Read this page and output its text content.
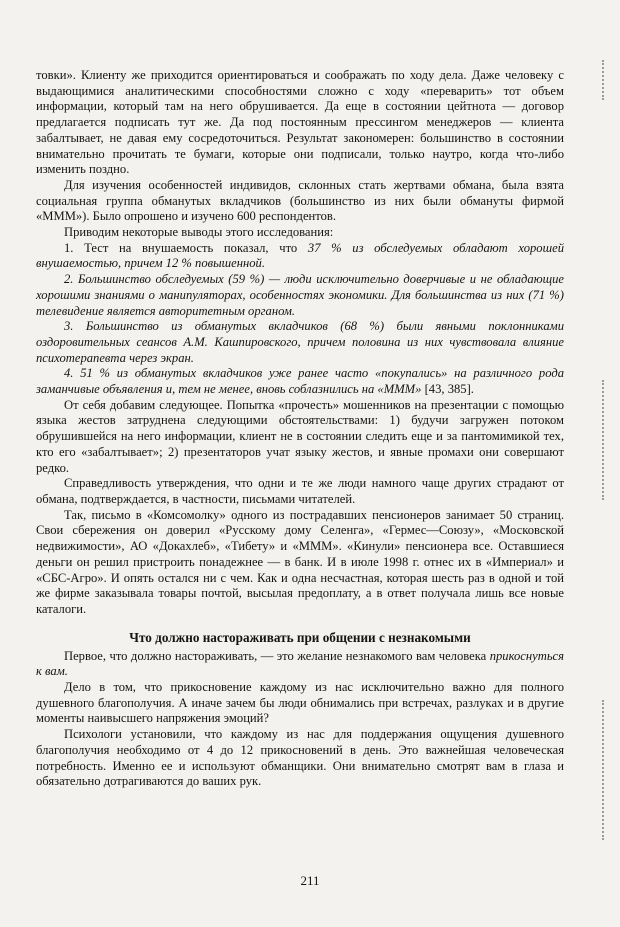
товки». Клиенту же приходится ориентироваться и соображать по ходу дела. Даже человеку с выдающимися аналитическими способностями сложно с ходу «переварить» тот объем информации, который там на него обрушивается. Да еще в состоянии цейтнота — договор предлагается подписать тут же. Да под постоянным прессингом менеджеров — клиента забалтывает, не давая ему сосредоточиться. Результат закономерен: большинство в состоянии внимательно прочитать те бумаги, которые они подписали, только наутро, когда что-либо изменить поздно.

Для изучения особенностей индивидов, склонных стать жертвами обмана, была взята социальная группа обманутых вкладчиков (большинство из них были обмануты фирмой «МММ»). Было опрошено и изучено 600 респондентов.

Приводим некоторые выводы этого исследования:

1. Тест на внушаемость показал, что 37 % из обследуемых обладают хорошей внушаемостью, причем 12 % повышенной.

2. Большинство обследуемых (59 %) — люди исключительно доверчивые и не обладающие хорошими знаниями о манипуляторах, особенностях экономики. Для большинства из них (71 %) телевидение является авторитетным органом.

3. Большинство из обманутых вкладчиков (68 %) были явными поклонниками оздоровительных сеансов А.М. Кашпировского, причем половина из них чувствовала влияние психотерапевта через экран.

4. 51 % из обманутых вкладчиков уже ранее часто «покупались» на различного рода заманчивые объявления и, тем не менее, вновь соблазнились на «МММ» [43, 385].

От себя добавим следующее. Попытка «прочесть» мошенников на презентации с помощью языка жестов затруднена следующими обстоятельствами: 1) будучи загружен потоком обрушившейся на него информации, клиент не в состоянии следить еще и за пантомимикой тех, кто его «забалтывает»; 2) презентаторов учат языку жестов, и явные промахи они совершают редко.

Справедливость утверждения, что одни и те же люди намного чаще других страдают от обмана, подтверждается, в частности, письмами читателей.

Так, письмо в «Комсомолку» одного из пострадавших пенсионеров занимает 50 страниц. Свои сбережения он доверил «Русскому дому Селенга», «Гермес—Союзу», «Московской недвижимости», АО «Докахлеб», «Тибету» и «МММ». «Кинули» пенсионера все. Оставшиеся деньги он решил пристроить понадежнее — в банк. И в июле 1998 г. отнес их в «Империал» и «СБС-Агро». И опять остался ни с чем. Как и одна несчастная, которая шесть раз в одной и той же фирме заказывала товары почтой, высылая предоплату, а в ответ получала лишь все новые каталоги.

Что должно настораживать при общении с незнакомыми

Первое, что должно настораживать, — это желание незнакомого вам человека прикоснуться к вам.

Дело в том, что прикосновение каждому из нас исключительно важно для полного душевного благополучия. А иначе зачем бы люди обнимались при встречах, разлуках и в другие моменты наивысшего напряжения эмоций?

Психологи установили, что каждому из нас для поддержания ощущения душевного благополучия необходимо от 4 до 12 прикосновений в день. Это важнейшая человеческая потребность. Именно ее и используют обманщики. Они внимательно смотрят вам в глаза и обязательно дотрагиваются до ваших рук.

211
